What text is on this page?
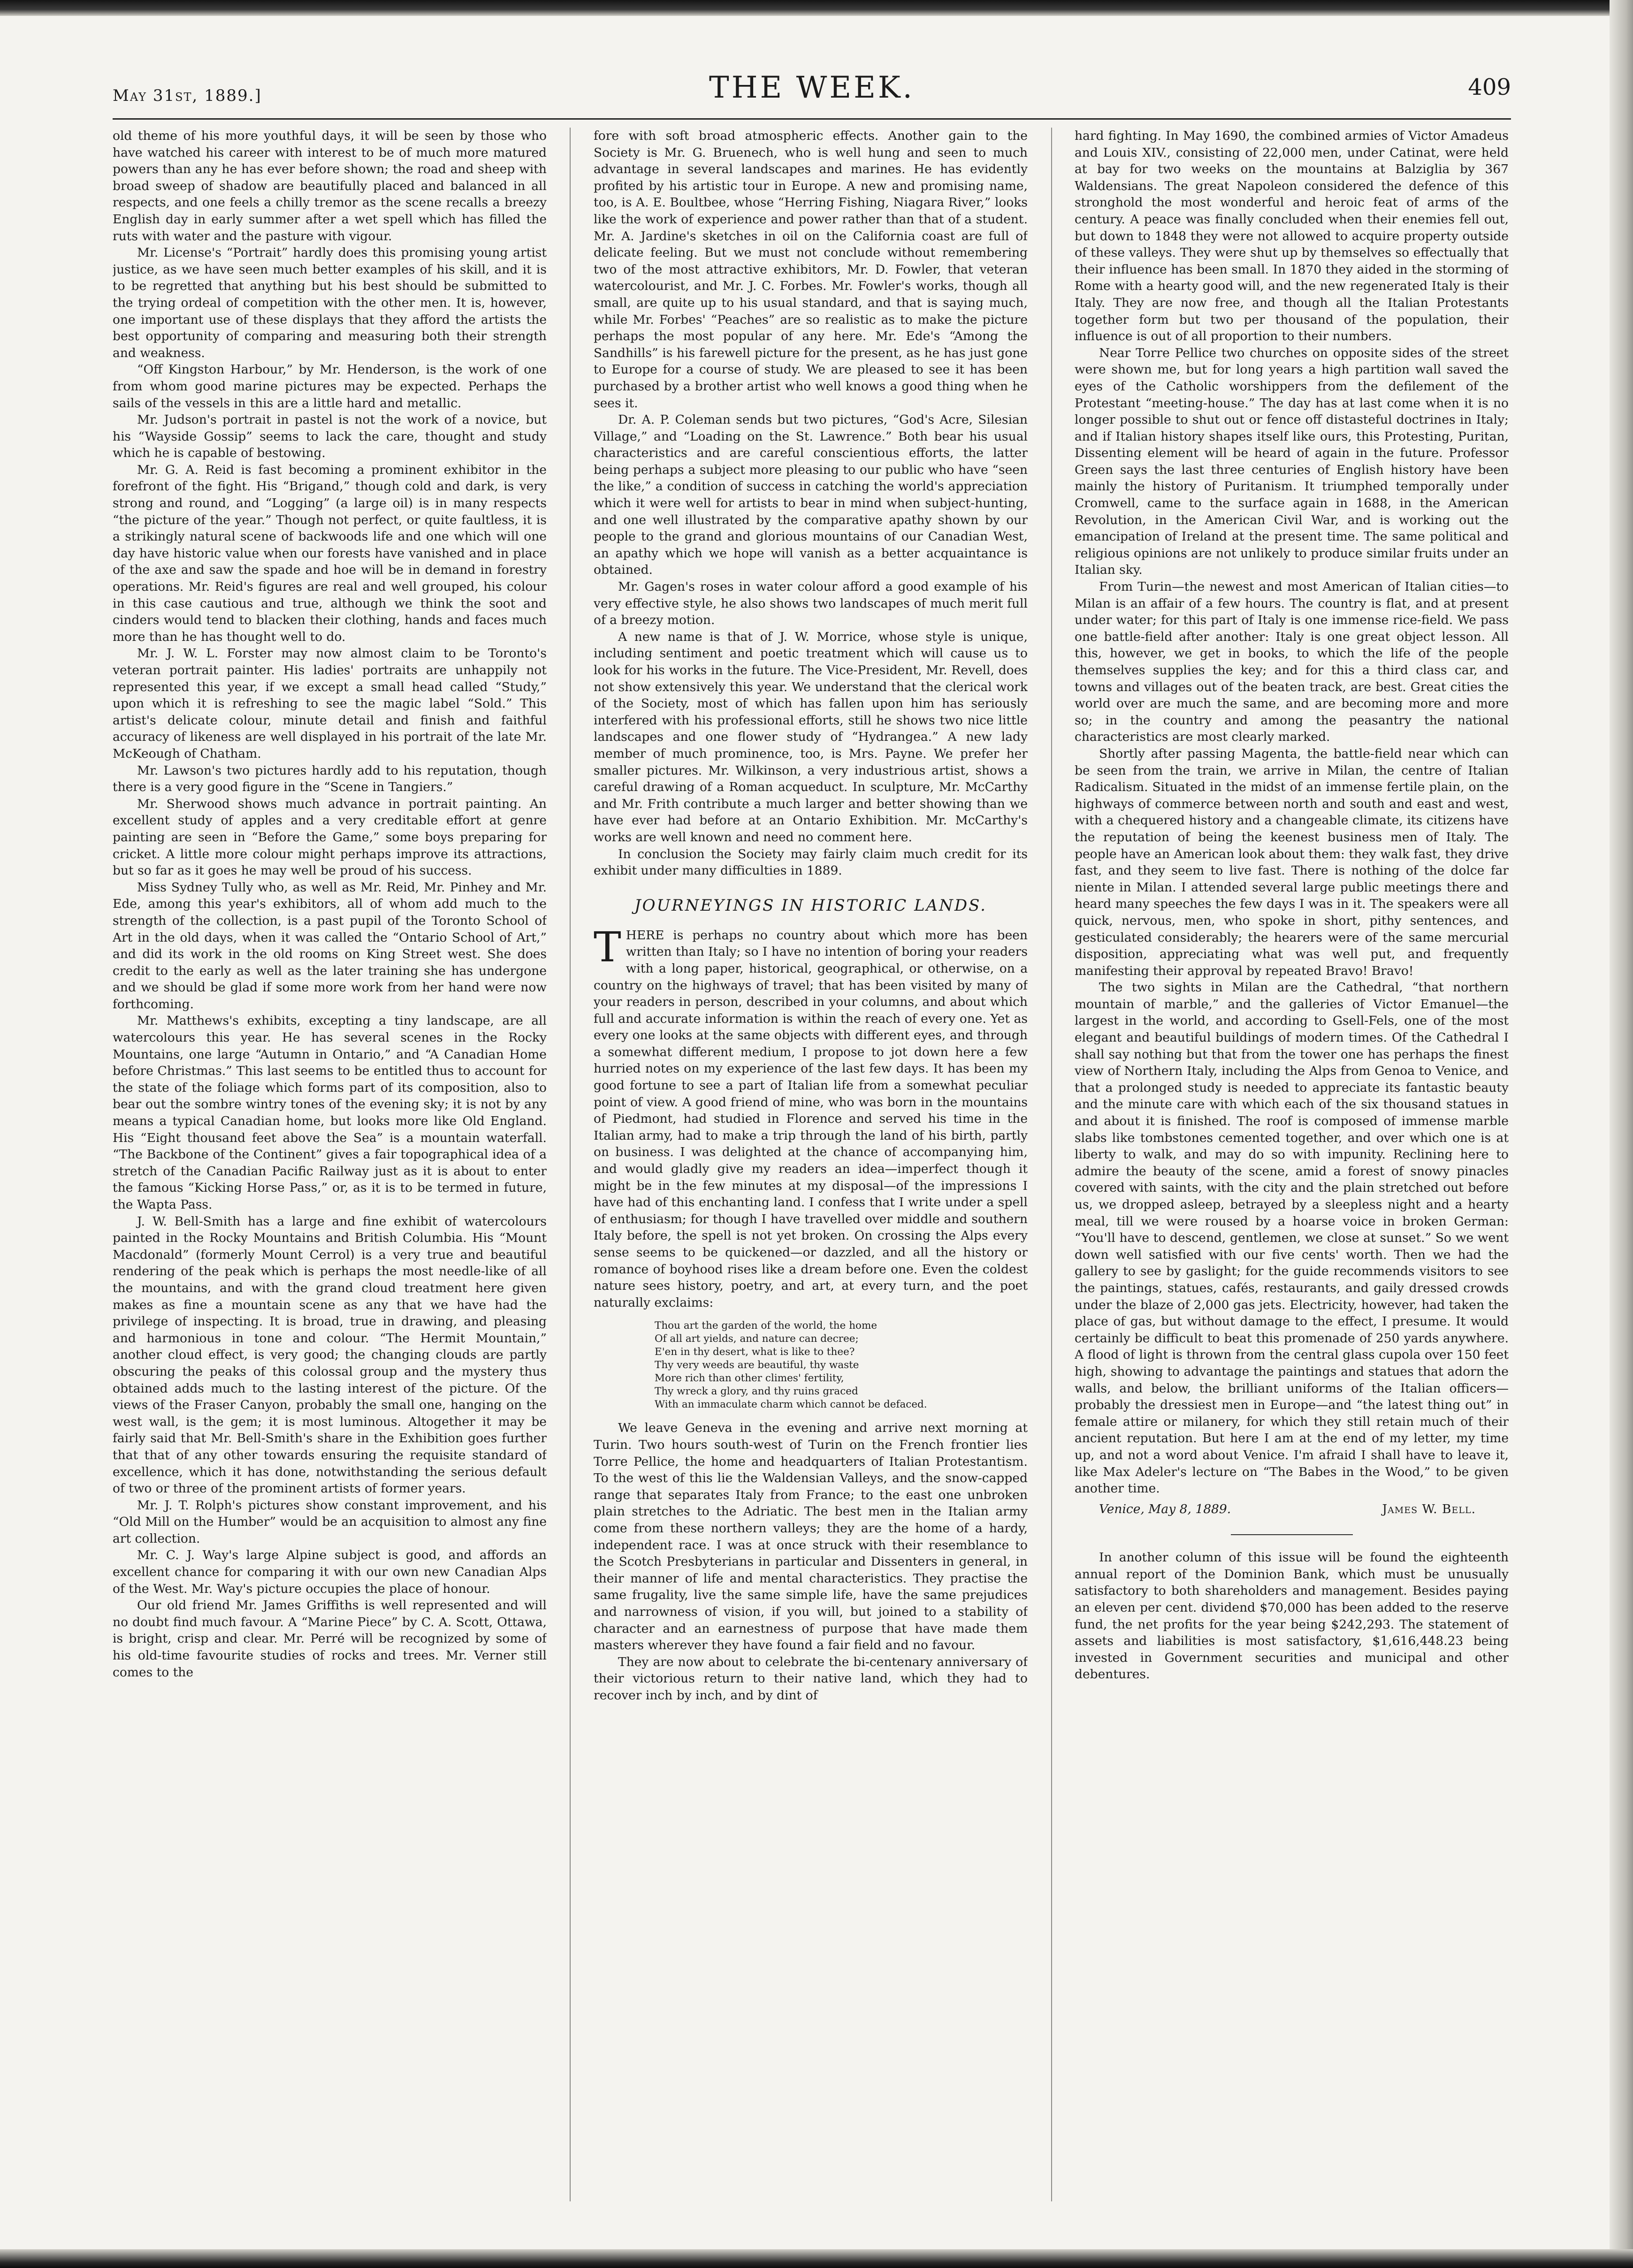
May 31st, 1889.]	THE WEEK.	409

old theme of his more youthful days, it will be seen by those who have watched his career with interest to be of much more matured powers than any he has ever before shown; the road and sheep with broad sweep of shadow are beautifully placed and balanced in all respects, and one feels a chilly tremor as the scene recalls a breezy English day in early summer after a wet spell which has filled the ruts with water and the pasture with vigour.

Mr. License's “Portrait” hardly does this promising young artist justice, as we have seen much better examples of his skill, and it is to be regretted that anything but his best should be submitted to the trying ordeal of competition with the other men. It is, however, one important use of these displays that they afford the artists the best opportunity of comparing and measuring both their strength and weakness.

“Off Kingston Harbour,” by Mr. Henderson, is the work of one from whom good marine pictures may be expected. Perhaps the sails of the vessels in this are a little hard and metallic.

Mr. Judson's portrait in pastel is not the work of a novice, but his “Wayside Gossip” seems to lack the care, thought and study which he is capable of bestowing.

Mr. G. A. Reid is fast becoming a prominent exhibitor in the forefront of the fight. His “Brigand,” though cold and dark, is very strong and round, and “Logging” (a large oil) is in many respects “the picture of the year.” Though not perfect, or quite faultless, it is a strikingly natural scene of backwoods life and one which will one day have historic value when our forests have vanished and in place of the axe and saw the spade and hoe will be in demand in forestry operations. Mr. Reid's figures are real and well grouped, his colour in this case cautious and true, although we think the soot and cinders would tend to blacken their clothing, hands and faces much more than he has thought well to do.

Mr. J. W. L. Forster may now almost claim to be Toronto's veteran portrait painter. His ladies' portraits are unhappily not represented this year, if we except a small head called “Study,” upon which it is refreshing to see the magic label “Sold.” This artist's delicate colour, minute detail and finish and faithful accuracy of likeness are well displayed in his portrait of the late Mr. McKeough of Chatham.

Mr. Lawson's two pictures hardly add to his reputation, though there is a very good figure in the “Scene in Tangiers.”

Mr. Sherwood shows much advance in portrait painting. An excellent study of apples and a very creditable effort at genre painting are seen in “Before the Game,” some boys preparing for cricket. A little more colour might perhaps improve its attractions, but so far as it goes he may well be proud of his success.

Miss Sydney Tully who, as well as Mr. Reid, Mr. Pinhey and Mr. Ede, among this year's exhibitors, all of whom add much to the strength of the collection, is a past pupil of the Toronto School of Art in the old days, when it was called the “Ontario School of Art,” and did its work in the old rooms on King Street west. She does credit to the early as well as the later training she has undergone and we should be glad if some more work from her hand were now forthcoming.

Mr. Matthews's exhibits, excepting a tiny landscape, are all watercolours this year. He has several scenes in the Rocky Mountains, one large “Autumn in Ontario,” and “A Canadian Home before Christmas.” This last seems to be entitled thus to account for the state of the foliage which forms part of its composition, also to bear out the sombre wintry tones of the evening sky; it is not by any means a typical Canadian home, but looks more like Old England. His “Eight thousand feet above the Sea” is a mountain waterfall. “The Backbone of the Continent” gives a fair topographical idea of a stretch of the Canadian Pacific Railway just as it is about to enter the famous “Kicking Horse Pass,” or, as it is to be termed in future, the Wapta Pass.

J. W. Bell-Smith has a large and fine exhibit of watercolours painted in the Rocky Mountains and British Columbia. His “Mount Macdonald” (formerly Mount Cerrol) is a very true and beautiful rendering of the peak which is perhaps the most needle-like of all the mountains, and with the grand cloud treatment here given makes as fine a mountain scene as any that we have had the privilege of inspecting. It is broad, true in drawing, and pleasing and harmonious in tone and colour. “The Hermit Mountain,” another cloud effect, is very good; the changing clouds are partly obscuring the peaks of this colossal group and the mystery thus obtained adds much to the lasting interest of the picture. Of the views of the Fraser Canyon, probably the small one, hanging on the west wall, is the gem; it is most luminous. Altogether it may be fairly said that Mr. Bell-Smith's share in the Exhibition goes further that that of any other towards ensuring the requisite standard of excellence, which it has done, notwithstanding the serious default of two or three of the prominent artists of former years.

Mr. J. T. Rolph's pictures show constant improvement, and his “Old Mill on the Humber” would be an acquisition to almost any fine art collection.

Mr. C. J. Way's large Alpine subject is good, and affords an excellent chance for comparing it with our own new Canadian Alps of the West. Mr. Way's picture occupies the place of honour.

Our old friend Mr. James Griffiths is well represented and will no doubt find much favour. A “Marine Piece” by C. A. Scott, Ottawa, is bright, crisp and clear. Mr. Perré will be recognized by some of his old-time favourite studies of rocks and trees. Mr. Verner still comes to the

fore with soft broad atmospheric effects. Another gain to the Society is Mr. G. Bruenech, who is well hung and seen to much advantage in several landscapes and marines. He has evidently profited by his artistic tour in Europe. A new and promising name, too, is A. E. Boultbee, whose “Herring Fishing, Niagara River,” looks like the work of experience and power rather than that of a student. Mr. A. Jardine's sketches in oil on the California coast are full of delicate feeling. But we must not conclude without remembering two of the most attractive exhibitors, Mr. D. Fowler, that veteran watercolourist, and Mr. J. C. Forbes. Mr. Fowler's works, though all small, are quite up to his usual standard, and that is saying much, while Mr. Forbes' “Peaches” are so realistic as to make the picture perhaps the most popular of any here. Mr. Ede's “Among the Sandhills” is his farewell picture for the present, as he has just gone to Europe for a course of study. We are pleased to see it has been purchased by a brother artist who well knows a good thing when he sees it.

Dr. A. P. Coleman sends but two pictures, “God's Acre, Silesian Village,” and “Loading on the St. Lawrence.” Both bear his usual characteristics and are careful conscientious efforts, the latter being perhaps a subject more pleasing to our public who have “seen the like,” a condition of success in catching the world's appreciation which it were well for artists to bear in mind when subject-hunting, and one well illustrated by the comparative apathy shown by our people to the grand and glorious mountains of our Canadian West, an apathy which we hope will vanish as a better acquaintance is obtained.

Mr. Gagen's roses in water colour afford a good example of his very effective style, he also shows two landscapes of much merit full of a breezy motion.

A new name is that of J. W. Morrice, whose style is unique, including sentiment and poetic treatment which will cause us to look for his works in the future. The Vice-President, Mr. Revell, does not show extensively this year. We understand that the clerical work of the Society, most of which has fallen upon him has seriously interfered with his professional efforts, still he shows two nice little landscapes and one flower study of “Hydrangea.” A new lady member of much prominence, too, is Mrs. Payne. We prefer her smaller pictures. Mr. Wilkinson, a very industrious artist, shows a careful drawing of a Roman acqueduct. In sculpture, Mr. McCarthy and Mr. Frith contribute a much larger and better showing than we have ever had before at an Ontario Exhibition. Mr. McCarthy's works are well known and need no comment here.

In conclusion the Society may fairly claim much credit for its exhibit under many difficulties in 1889.

JOURNEYINGS IN HISTORIC LANDS.

THERE is perhaps no country about which more has been written than Italy; so I have no intention of boring your readers with a long paper, historical, geographical, or otherwise, on a country on the highways of travel; that has been visited by many of your readers in person, described in your columns, and about which full and accurate information is within the reach of every one. Yet as every one looks at the same objects with different eyes, and through a somewhat different medium, I propose to jot down here a few hurried notes on my experience of the last few days. It has been my good fortune to see a part of Italian life from a somewhat peculiar point of view. A good friend of mine, who was born in the mountains of Piedmont, had studied in Florence and served his time in the Italian army, had to make a trip through the land of his birth, partly on business. I was delighted at the chance of accompanying him, and would gladly give my readers an idea—imperfect though it might be in the few minutes at my disposal—of the impressions I have had of this enchanting land. I confess that I write under a spell of enthusiasm; for though I have travelled over middle and southern Italy before, the spell is not yet broken. On crossing the Alps every sense seems to be quickened—or dazzled, and all the history or romance of boyhood rises like a dream before one. Even the coldest nature sees history, poetry, and art, at every turn, and the poet naturally exclaims:

Thou art the garden of the world, the home
Of all art yields, and nature can decree;
E'en in thy desert, what is like to thee?
Thy very weeds are beautiful, thy waste
More rich than other climes' fertility,
Thy wreck a glory, and thy ruins graced
With an immaculate charm which cannot be defaced.

We leave Geneva in the evening and arrive next morning at Turin. Two hours south-west of Turin on the French frontier lies Torre Pellice, the home and headquarters of Italian Protestantism. To the west of this lie the Waldensian Valleys, and the snow-capped range that separates Italy from France; to the east one unbroken plain stretches to the Adriatic. The best men in the Italian army come from these northern valleys; they are the home of a hardy, independent race. I was at once struck with their resemblance to the Scotch Presbyterians in particular and Dissenters in general, in their manner of life and mental characteristics. They practise the same frugality, live the same simple life, have the same prejudices and narrowness of vision, if you will, but joined to a stability of character and an earnestness of purpose that have made them masters wherever they have found a fair field and no favour.

They are now about to celebrate the bi-centenary anniversary of their victorious return to their native land, which they had to recover inch by inch, and by dint of

hard fighting. In May 1690, the combined armies of Victor Amadeus and Louis XIV., consisting of 22,000 men, under Catinat, were held at bay for two weeks on the mountains at Balziglia by 367 Waldensians. The great Napoleon considered the defence of this stronghold the most wonderful and heroic feat of arms of the century. A peace was finally concluded when their enemies fell out, but down to 1848 they were not allowed to acquire property outside of these valleys. They were shut up by themselves so effectually that their influence has been small. In 1870 they aided in the storming of Rome with a hearty good will, and the new regenerated Italy is their Italy. They are now free, and though all the Italian Protestants together form but two per thousand of the population, their influence is out of all proportion to their numbers.

Near Torre Pellice two churches on opposite sides of the street were shown me, but for long years a high partition wall saved the eyes of the Catholic worshippers from the defilement of the Protestant “meeting-house.” The day has at last come when it is no longer possible to shut out or fence off distasteful doctrines in Italy; and if Italian history shapes itself like ours, this Protesting, Puritan, Dissenting element will be heard of again in the future. Professor Green says the last three centuries of English history have been mainly the history of Puritanism. It triumphed temporally under Cromwell, came to the surface again in 1688, in the American Revolution, in the American Civil War, and is working out the emancipation of Ireland at the present time. The same political and religious opinions are not unlikely to produce similar fruits under an Italian sky.

From Turin—the newest and most American of Italian cities—to Milan is an affair of a few hours. The country is flat, and at present under water; for this part of Italy is one immense rice-field. We pass one battle-field after another: Italy is one great object lesson. All this, however, we get in books, to which the life of the people themselves supplies the key; and for this a third class car, and towns and villages out of the beaten track, are best. Great cities the world over are much the same, and are becoming more and more so; in the country and among the peasantry the national characteristics are most clearly marked.

Shortly after passing Magenta, the battle-field near which can be seen from the train, we arrive in Milan, the centre of Italian Radicalism. Situated in the midst of an immense fertile plain, on the highways of commerce between north and south and east and west, with a chequered history and a changeable climate, its citizens have the reputation of being the keenest business men of Italy. The people have an American look about them: they walk fast, they drive fast, and they seem to live fast. There is nothing of the dolce far niente in Milan. I attended several large public meetings there and heard many speeches the few days I was in it. The speakers were all quick, nervous, men, who spoke in short, pithy sentences, and gesticulated considerably; the hearers were of the same mercurial disposition, appreciating what was well put, and frequently manifesting their approval by repeated Bravo! Bravo!

The two sights in Milan are the Cathedral, “that northern mountain of marble,” and the galleries of Victor Emanuel—the largest in the world, and according to Gsell-Fels, one of the most elegant and beautiful buildings of modern times. Of the Cathedral I shall say nothing but that from the tower one has perhaps the finest view of Northern Italy, including the Alps from Genoa to Venice, and that a prolonged study is needed to appreciate its fantastic beauty and the minute care with which each of the six thousand statues in and about it is finished. The roof is composed of immense marble slabs like tombstones cemented together, and over which one is at liberty to walk, and may do so with impunity. Reclining here to admire the beauty of the scene, amid a forest of snowy pinacles covered with saints, with the city and the plain stretched out before us, we dropped asleep, betrayed by a sleepless night and a hearty meal, till we were roused by a hoarse voice in broken German: “You'll have to descend, gentlemen, we close at sunset.” So we went down well satisfied with our five cents' worth. Then we had the gallery to see by gaslight; for the guide recommends visitors to see the paintings, statues, cafés, restaurants, and gaily dressed crowds under the blaze of 2,000 gas jets. Electricity, however, had taken the place of gas, but without damage to the effect, I presume. It would certainly be difficult to beat this promenade of 250 yards anywhere. A flood of light is thrown from the central glass cupola over 150 feet high, showing to advantage the paintings and statues that adorn the walls, and below, the brilliant uniforms of the Italian officers—probably the dressiest men in Europe—and “the latest thing out” in female attire or milanery, for which they still retain much of their ancient reputation. But here I am at the end of my letter, my time up, and not a word about Venice. I'm afraid I shall have to leave it, like Max Adeler's lecture on “The Babes in the Wood,” to be given another time.

Venice, May 8, 1889.	James W. Bell.

In another column of this issue will be found the eighteenth annual report of the Dominion Bank, which must be unusually satisfactory to both shareholders and management. Besides paying an eleven per cent. dividend $70,000 has been added to the reserve fund, the net profits for the year being $242,293. The statement of assets and liabilities is most satisfactory, $1,616,448.23 being invested in Government securities and municipal and other debentures.
